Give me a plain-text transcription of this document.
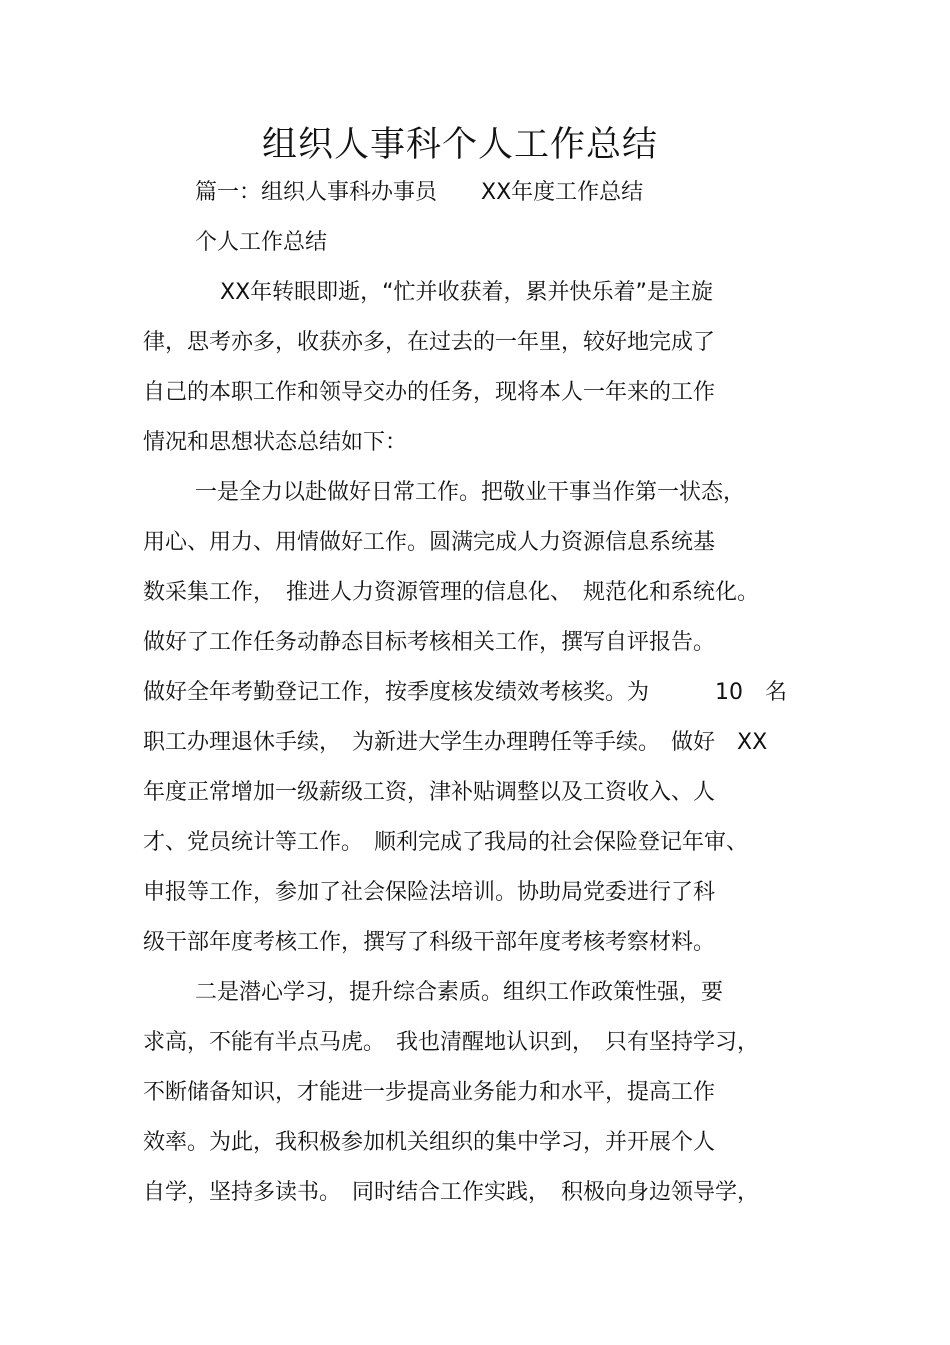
组织人事科个人工作总结
篇一：组织人事科办事员　　XX年度工作总结
个人工作总结
XX年转眼即逝，“忙并收获着，累并快乐着”是主旋
律，思考亦多，收获亦多，在过去的一年里，较好地完成了
自己的本职工作和领导交办的任务，现将本人一年来的工作
情况和思想状态总结如下：
一是全力以赴做好日常工作。把敬业干事当作第一状态，
用心、用力、用情做好工作。圆满完成人力资源信息系统基
数采集工作，　推进人力资源管理的信息化、　规范化和系统化。
做好了工作任务动静态目标考核相关工作，撰写自评报告。
做好全年考勤登记工作，按季度核发绩效考核奖。为　　　10　名
职工办理退休手续，　为新进大学生办理聘任等手续。　做好　XX
年度正常增加一级薪级工资，津补贴调整以及工资收入、人
才、党员统计等工作。　顺利完成了我局的社会保险登记年审、
申报等工作，参加了社会保险法培训。协助局党委进行了科
级干部年度考核工作，撰写了科级干部年度考核考察材料。
二是潜心学习，提升综合素质。组织工作政策性强，要
求高，不能有半点马虎。　我也清醒地认识到，　只有坚持学习，
不断储备知识，才能进一步提高业务能力和水平，提高工作
效率。为此，我积极参加机关组织的集中学习，并开展个人
自学，坚持多读书。　同时结合工作实践，　积极向身边领导学，
